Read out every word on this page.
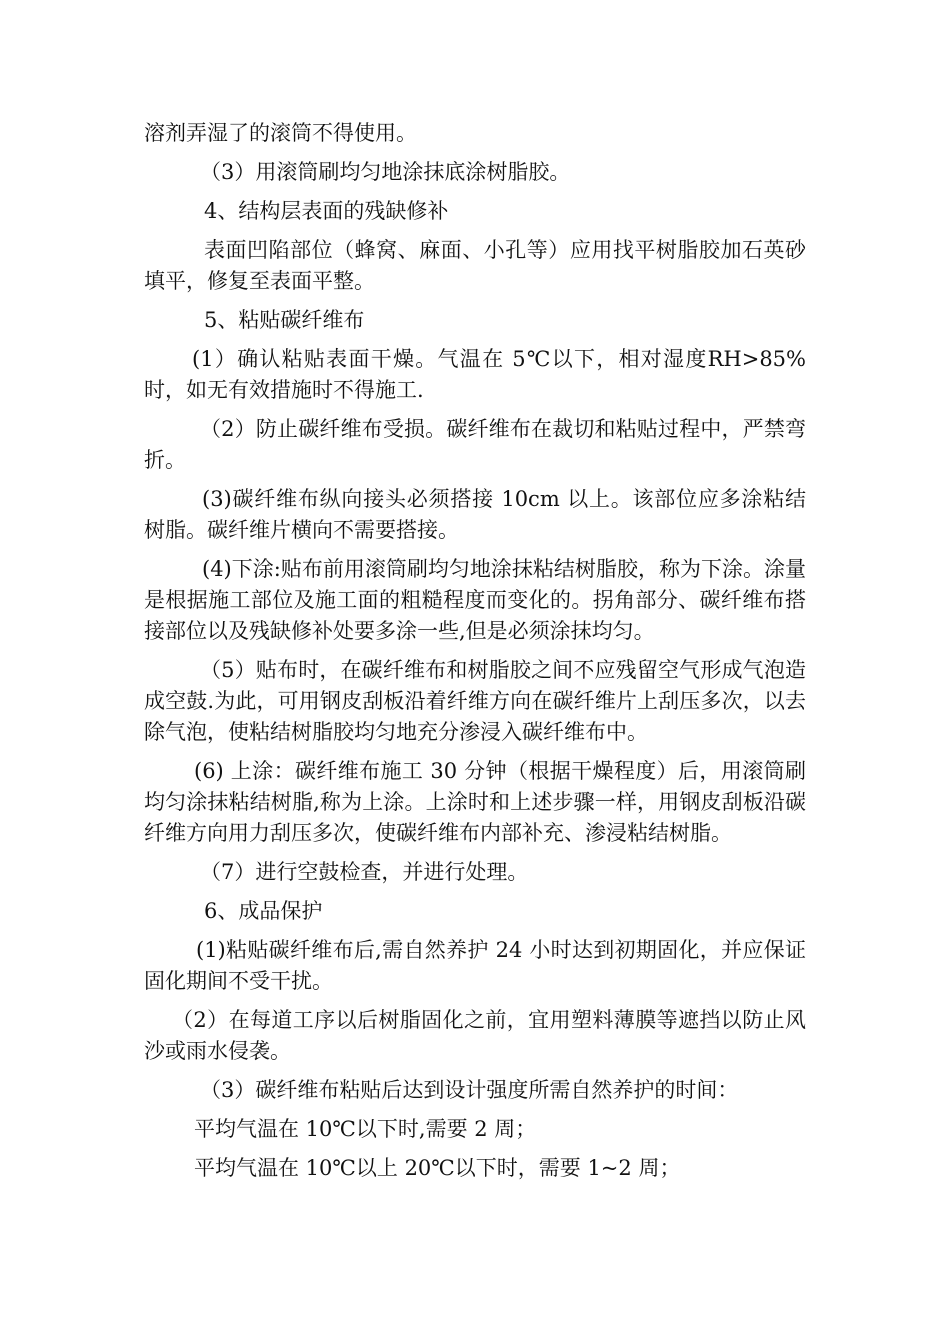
溶剂弄湿了的滚筒不得使用。

（3）用滚筒刷均匀地涂抹底涂树脂胶。

4、结构层表面的残缺修补

表面凹陷部位（蜂窝、麻面、小孔等）应用找平树脂胶加石英砂填平，修复至表面平整。

5、粘贴碳纤维布

(1）确认粘贴表面干燥。气温在 5℃以下，相对湿度RH>85%时，如无有效措施时不得施工.

（2）防止碳纤维布受损。碳纤维布在裁切和粘贴过程中，严禁弯折。

(3)碳纤维布纵向接头必须搭接 10cm 以上。该部位应多涂粘结树脂。碳纤维片横向不需要搭接。

(4)下涂:贴布前用滚筒刷均匀地涂抹粘结树脂胶，称为下涂。涂量是根据施工部位及施工面的粗糙程度而变化的。拐角部分、碳纤维布搭接部位以及残缺修补处要多涂一些,但是必须涂抹均匀。

（5）贴布时，在碳纤维布和树脂胶之间不应残留空气形成气泡造成空鼓.为此，可用钢皮刮板沿着纤维方向在碳纤维片上刮压多次，以去除气泡，使粘结树脂胶均匀地充分渗浸入碳纤维布中。

(6) 上涂：碳纤维布施工 30 分钟（根据干燥程度）后，用滚筒刷均匀涂抹粘结树脂,称为上涂。上涂时和上述步骤一样，用钢皮刮板沿碳纤维方向用力刮压多次，使碳纤维布内部补充、渗浸粘结树脂。

（7）进行空鼓检查，并进行处理。

6、成品保护

(1)粘贴碳纤维布后,需自然养护 24 小时达到初期固化，并应保证固化期间不受干扰。

（2）在每道工序以后树脂固化之前，宜用塑料薄膜等遮挡以防止风沙或雨水侵袭。

（3）碳纤维布粘贴后达到设计强度所需自然养护的时间：

平均气温在 10℃以下时,需要 2 周；

平均气温在 10℃以上 20℃以下时，需要 1~2 周；
